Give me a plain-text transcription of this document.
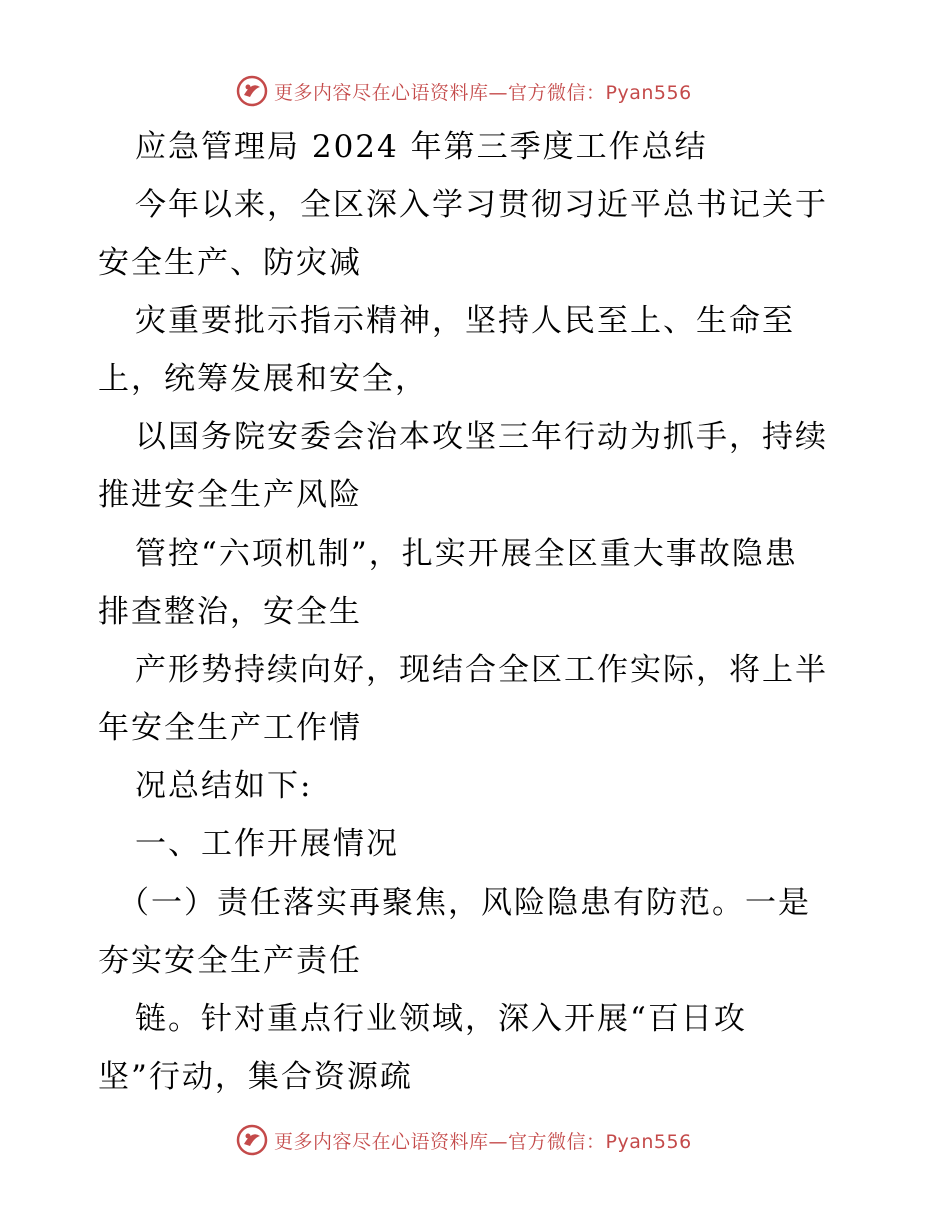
更多内容尽在心语资料库—官方微信：Pyan556
应急管理局 2024 年第三季度工作总结
今年以来，全区深入学习贯彻习近平总书记关于
安全生产、防灾减
灾重要批示指示精神，坚持人民至上、生命至
上，统筹发展和安全，
以国务院安委会治本攻坚三年行动为抓手，持续
推进安全生产风险
管控“六项机制”，扎实开展全区重大事故隐患
排查整治，安全生
产形势持续向好，现结合全区工作实际，将上半
年安全生产工作情
况总结如下:
一、工作开展情况
（一）责任落实再聚焦，风险隐患有防范。一是
夯实安全生产责任
链。针对重点行业领域，深入开展“百日攻
坚”行动，集合资源疏
更多内容尽在心语资料库—官方微信：Pyan556
